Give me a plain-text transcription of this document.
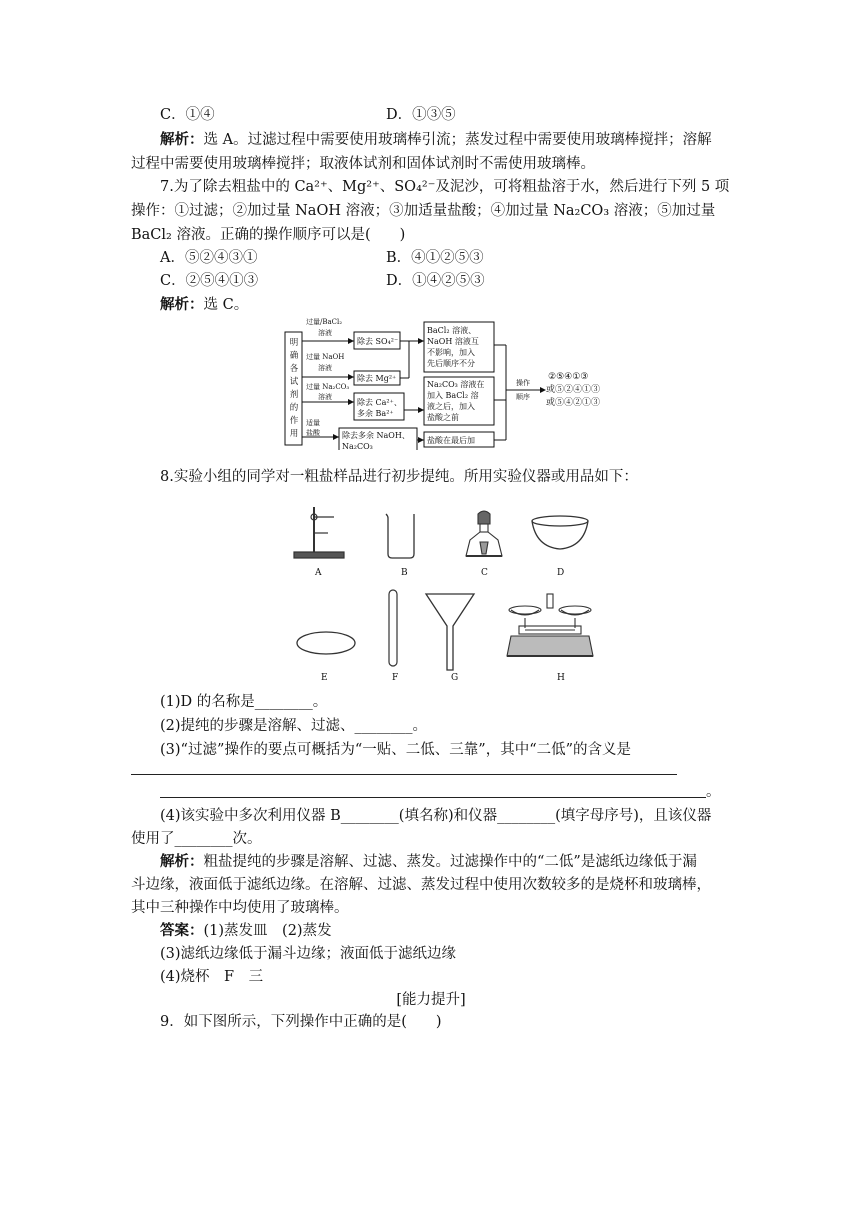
C．①④	D．①③⑤
解析：选 A。过滤过程中需要使用玻璃棒引流；蒸发过程中需要使用玻璃棒搅拌；溶解
过程中需要使用玻璃棒搅拌；取液体试剂和固体试剂时不需使用玻璃棒。
7.为了除去粗盐中的 Ca²⁺、Mg²⁺、SO₄²⁻及泥沙，可将粗盐溶于水，然后进行下列 5 项
操作：①过滤；②加过量 NaOH 溶液；③加适量盐酸；④加过量 Na₂CO₃ 溶液；⑤加过量
BaCl₂ 溶液。正确的操作顺序可以是(　　)
A．⑤②④③①	B．④①②⑤③
C．②⑤④①③	D．①④②⑤③
解析：选 C。
明
确
各
试
剂
的
作
用
过量/BaCl₂
溶液
除去 SO₄²⁻
过量 NaOH
溶液
除去 Mg²⁺
过量 Na₂CO₃
溶液
除去 Ca²⁺、
多余 Ba²⁺
适量
盐酸	除去多余 NaOH、
Na₂CO₃
BaCl₂ 溶液、
NaOH 溶液互
不影响，加入
先后顺序不分
Na₂CO₃ 溶液在
加入 BaCl₂ 溶
液之后，加入
盐酸之前
盐酸在最后加
操作
顺序
②⑤④①③
或⑤②④①③
或⑤④②①③
8.实验小组的同学对一粗盐样品进行初步提纯。所用实验仪器或用品如下：
A	B	C	D
E	F	G	H
(1)D 的名称是________。
(2)提纯的步骤是溶解、过滤、________。
(3)“过滤”操作的要点可概括为“一贴、二低、三靠”，其中“二低”的含义是
。
(4)该实验中多次利用仪器 B________(填名称)和仪器________(填字母序号)，且该仪器
使用了________次。
解析：粗盐提纯的步骤是溶解、过滤、蒸发。过滤操作中的“二低”是滤纸边缘低于漏
斗边缘，液面低于滤纸边缘。在溶解、过滤、蒸发过程中使用次数较多的是烧杯和玻璃棒，
其中三种操作中均使用了玻璃棒。
答案：(1)蒸发皿　(2)蒸发
(3)滤纸边缘低于漏斗边缘；液面低于滤纸边缘
(4)烧杯　F　三
[能力提升]
9．如下图所示，下列操作中正确的是(　　)
